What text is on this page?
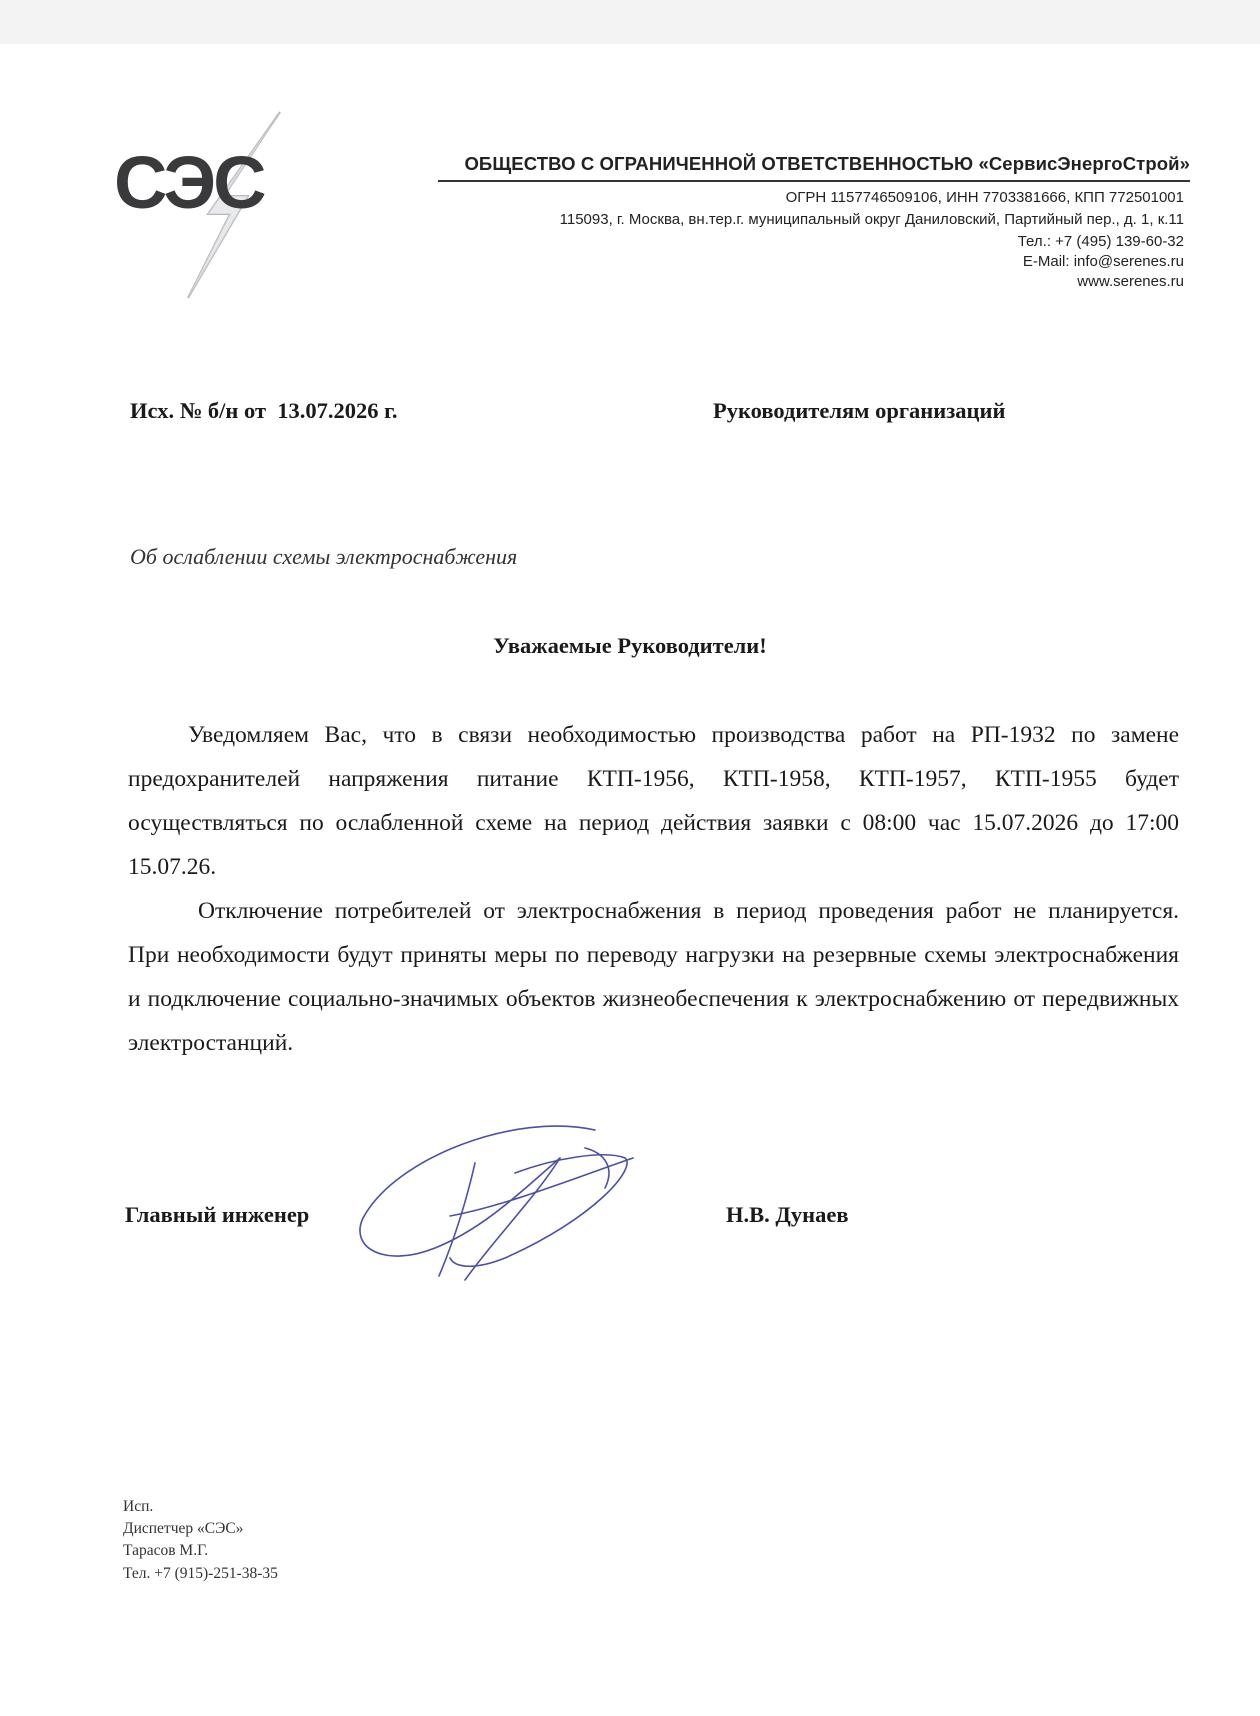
СЭС	ОБЩЕСТВО С ОГРАНИЧЕННОЙ ОТВЕТСТВЕННОСТЬЮ «СервисЭнергоСтрой»
ОГРН 1157746509106, ИНН 7703381666, КПП 772501001
115093, г. Москва, вн.тер.г. муниципальный округ Даниловский, Партийный пер., д. 1, к.11
Тел.: +7 (495) 139-60-32
E-Mail: info@serenes.ru
www.serenes.ru
Исх. № б/н от  13.07.2026 г.	Руководителям организаций
Об ослаблении схемы электроснабжения
Уважаемые Руководители!
Уведомляем Вас, что в связи необходимостью производства работ на РП-1932 по замене предохранителей напряжения питание КТП-1956, КТП-1958, КТП-1957, КТП-1955 будет осуществляться по ослабленной схеме на период действия заявки с 08:00 час 15.07.2026 до 17:00 15.07.26.
Отключение потребителей от электроснабжения в период проведения работ не планируется. При необходимости будут приняты меры по переводу нагрузки на резервные схемы электроснабжения и подключение социально-значимых объектов жизнеобеспечения к электроснабжению от передвижных электростанций.
Главный инженер	Н.В. Дунаев
Исп.
Диспетчер «СЭС»
Тарасов М.Г.
Тел. +7 (915)-251-38-35
